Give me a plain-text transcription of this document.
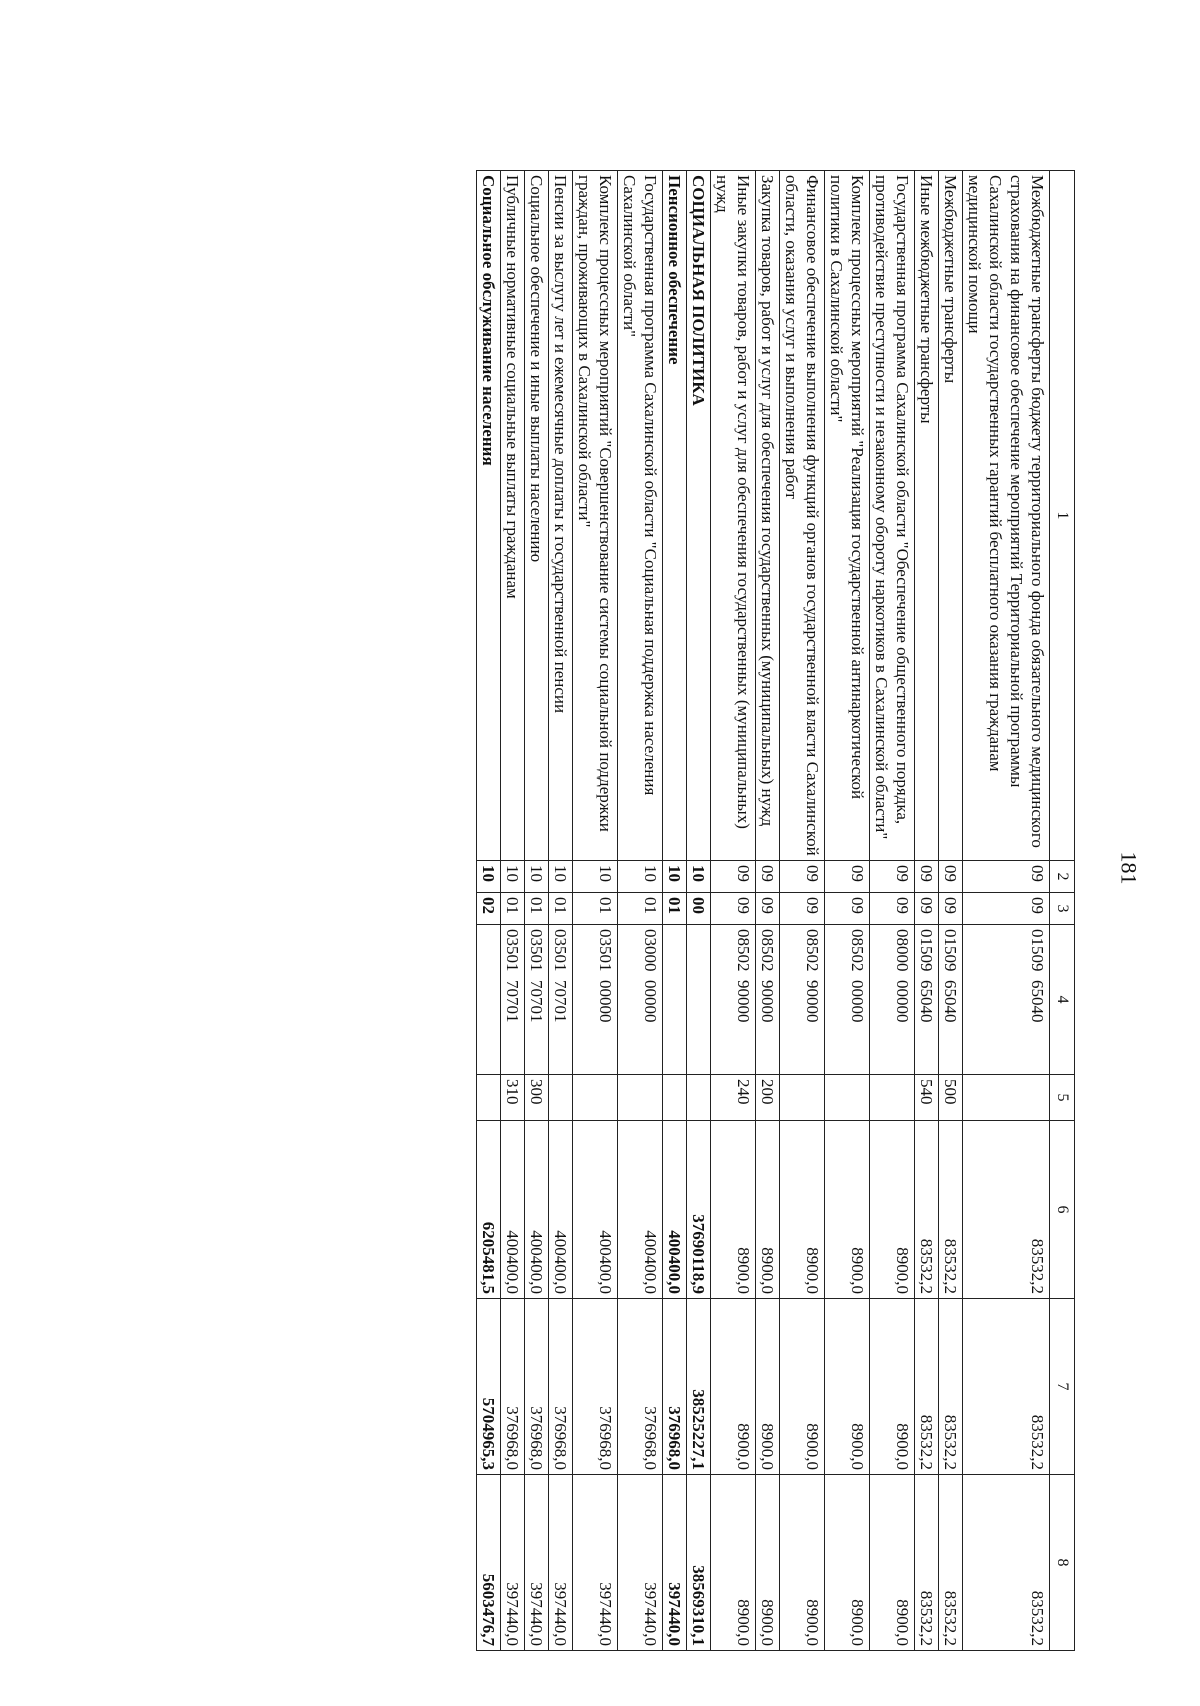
181
1	2	3	4	5	6	7	8
Межбюджетные трансферты бюджету территориального фонда обязательного медицинского страхования на финансовое обеспечение мероприятий Территориальной программы Сахалинской области государственных гарантий бесплатного оказания гражданам медицинской помощи	09	09	01509  65040		83532,2	83532,2	83532,2
Межбюджетные трансферты	09	09	01509  65040	500	83532,2	83532,2	83532,2
Иные межбюджетные трансферты	09	09	01509  65040	540	83532,2	83532,2	83532,2
Государственная программа Сахалинской области "Обеспечение общественного порядка, противодействие преступности и незаконному обороту наркотиков в Сахалинской области"	09	09	08000  00000		8900,0	8900,0	8900,0
Комплекс процессных мероприятий "Реализация государственной антинаркотической политики в Сахалинской области"	09	09	08502  00000		8900,0	8900,0	8900,0
Финансовое обеспечение выполнения функций органов государственной власти Сахалинской области, оказания услуг и выполнения работ	09	09	08502  90000		8900,0	8900,0	8900,0
Закупка товаров, работ и услуг для обеспечения государственных (муниципальных) нужд	09	09	08502  90000	200	8900,0	8900,0	8900,0
Иные закупки товаров, работ и услуг для обеспечения государственных (муниципальных) нужд	09	09	08502  90000	240	8900,0	8900,0	8900,0
СОЦИАЛЬНАЯ ПОЛИТИКА	10	00			37690118,9	38525227,1	38569310,1
Пенсионное обеспечение	10	01			400400,0	376968,0	397440,0
Государственная программа Сахалинской области "Социальная поддержка населения Сахалинской области"	10	01	03000  00000		400400,0	376968,0	397440,0
Комплекс процессных мероприятий "Совершенствование системы социальной поддержки граждан, проживающих в Сахалинской области"	10	01	03501  00000		400400,0	376968,0	397440,0
Пенсии за выслугу лет и ежемесячные доплаты к государственной пенсии	10	01	03501  70701		400400,0	376968,0	397440,0
Социальное обеспечение и иные выплаты населению	10	01	03501  70701	300	400400,0	376968,0	397440,0
Публичные нормативные социальные выплаты гражданам	10	01	03501  70701	310	400400,0	376968,0	397440,0
Социальное обслуживание населения	10	02			6205481,5	5704965,3	5603476,7
